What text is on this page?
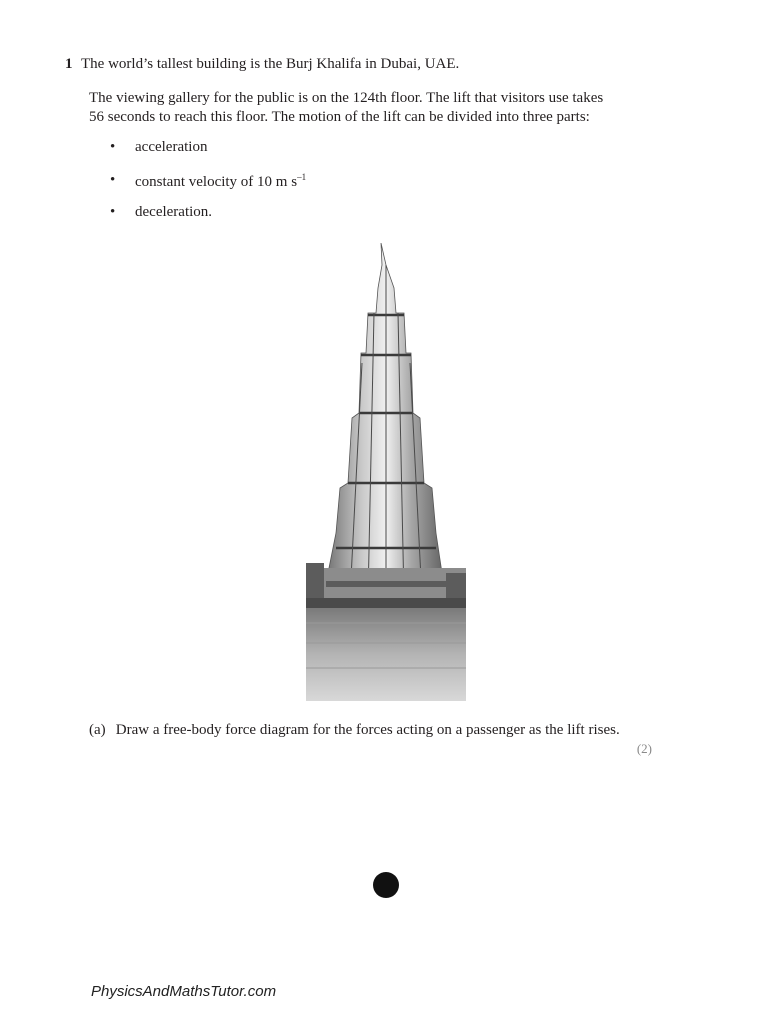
1 The world’s tallest building is the Burj Khalifa in Dubai, UAE.
The viewing gallery for the public is on the 124th floor. The lift that visitors use takes
56 seconds to reach this floor. The motion of the lift can be divided into three parts:
•	acceleration
•	constant velocity of 10 m $s^{-1}$
•	deceleration.
(a) Draw a free-body force diagram for the forces acting on a passenger as the lift rises.
(2)
PhysicsAndMathsTutor.com
